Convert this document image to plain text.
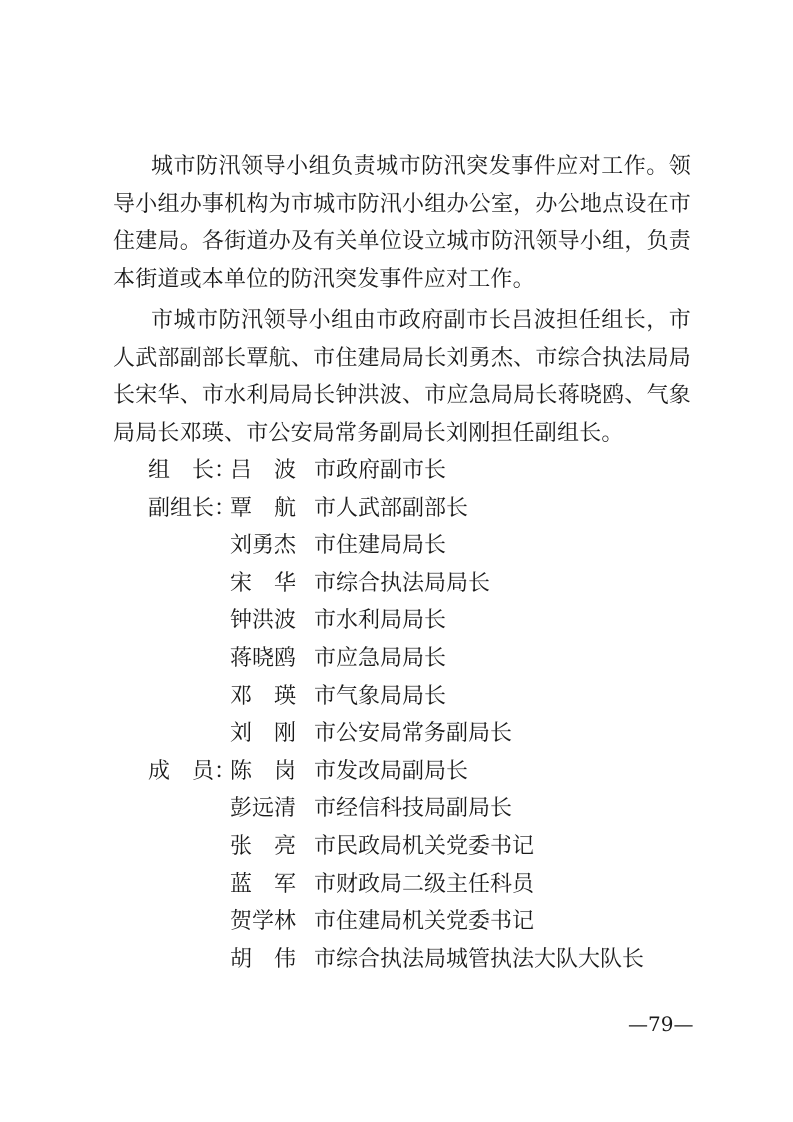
城市防汛领导小组负责城市防汛突发事件应对工作。领导小组办事机构为市城市防汛小组办公室，办公地点设在市住建局。各街道办及有关单位设立城市防汛领导小组，负责本街道或本单位的防汛突发事件应对工作。

市城市防汛领导小组由市政府副市长吕波担任组长，市人武部副部长覃航、市住建局局长刘勇杰、市综合执法局局长宋华、市水利局局长钟洪波、市应急局局长蒋晓鸥、气象局局长邓瑛、市公安局常务副局长刘刚担任副组长。

组　长：
吕　波 市政府副市长
副组长：
覃　航 市人武部副部长
刘勇杰 市住建局局长
宋　华 市综合执法局局长
钟洪波 市水利局局长
蒋晓鸥 市应急局局长
邓　瑛 市气象局局长
刘　刚 市公安局常务副局长
成　员：
陈　岗 市发改局副局长
彭远清 市经信科技局副局长
张　亮 市民政局机关党委书记
蓝　军 市财政局二级主任科员
贺学林 市住建局机关党委书记
胡　伟 市综合执法局城管执法大队大队长
—79—
